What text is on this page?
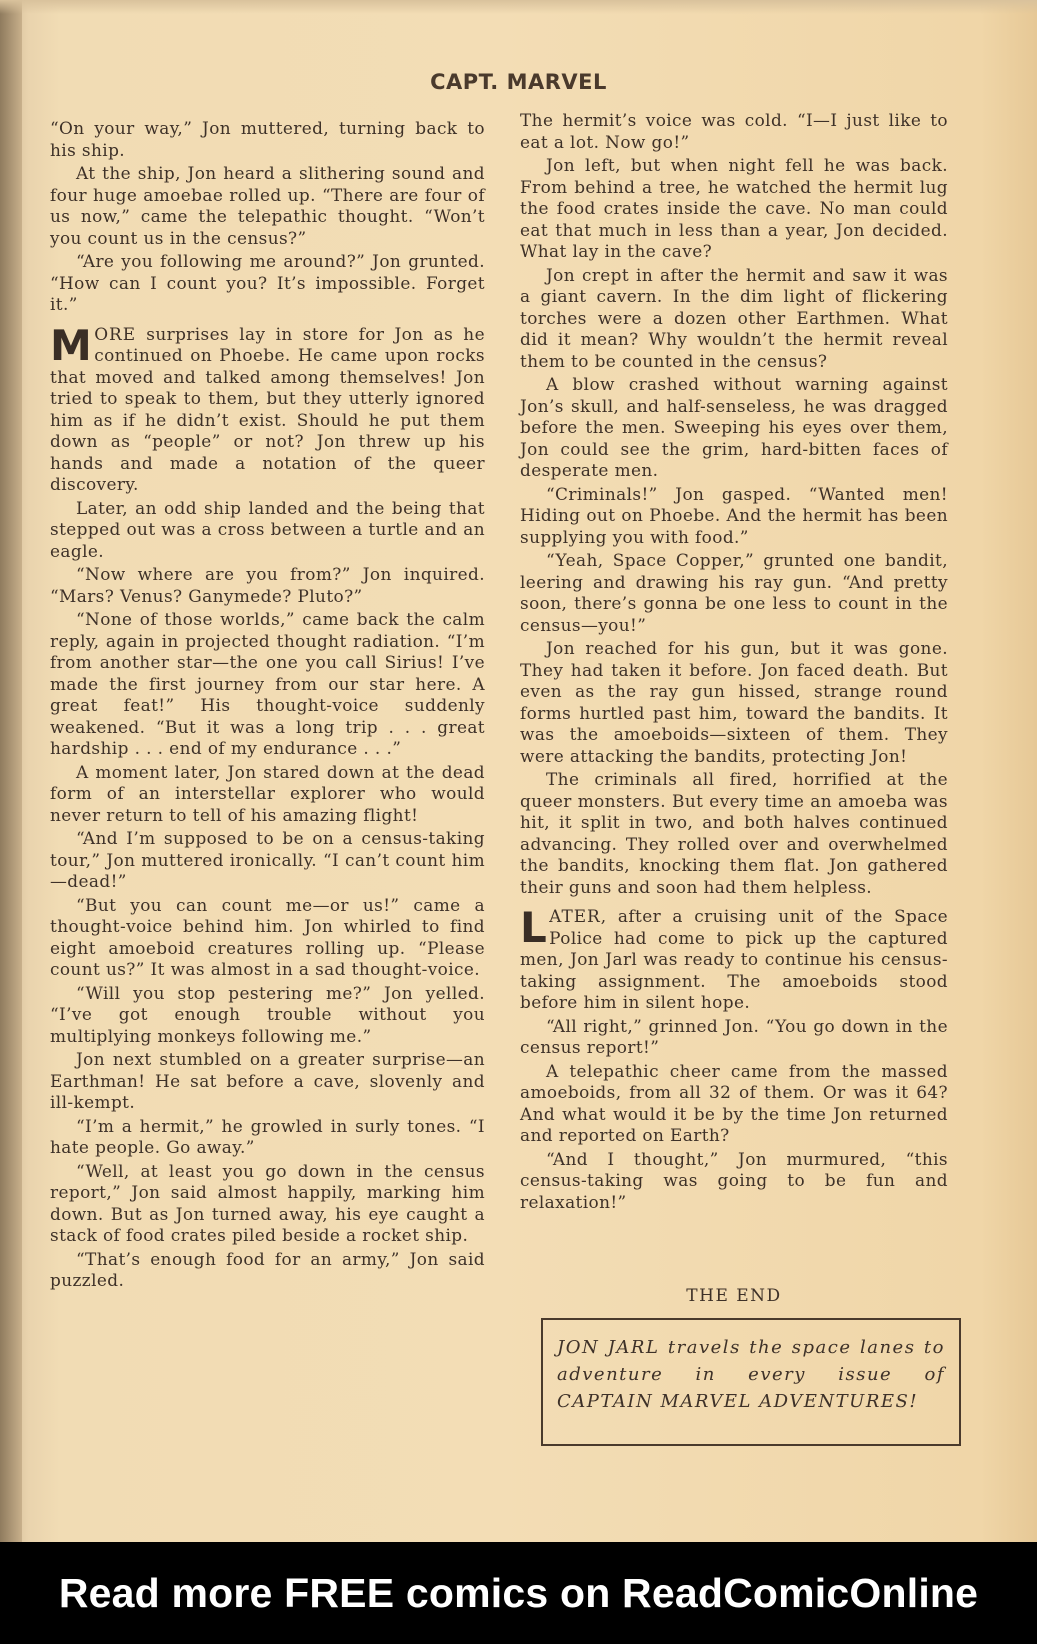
CAPT. MARVEL

“On your way,” Jon muttered, turning back to his ship.

At the ship, Jon heard a slithering sound and four huge amoebae rolled up. “There are four of us now,” came the telepathic thought. “Won’t you count us in the census?”

“Are you following me around?” Jon grunted. “How can I count you? It’s impossible. Forget it.”

MORE surprises lay in store for Jon as he continued on Phoebe. He came upon rocks that moved and talked among themselves! Jon tried to speak to them, but they utterly ignored him as if he didn’t exist. Should he put them down as “people” or not? Jon threw up his hands and made a notation of the queer discovery.

Later, an odd ship landed and the being that stepped out was a cross between a turtle and an eagle.

“Now where are you from?” Jon inquired. “Mars? Venus? Ganymede? Pluto?”

“None of those worlds,” came back the calm reply, again in projected thought radiation. “I’m from another star—the one you call Sirius! I’ve made the first journey from our star here. A great feat!” His thought-voice suddenly weakened. “But it was a long trip . . . great hardship . . . end of my endurance . . .”

A moment later, Jon stared down at the dead form of an interstellar explorer who would never return to tell of his amazing flight!

“And I’m supposed to be on a census-taking tour,” Jon muttered ironically. “I can’t count him—dead!”

“But you can count me—or us!” came a thought-voice behind him. Jon whirled to find eight amoeboid creatures rolling up. “Please count us?” It was almost in a sad thought-voice.

“Will you stop pestering me?” Jon yelled. “I’ve got enough trouble without you multiplying monkeys following me.”

Jon next stumbled on a greater surprise—an Earthman! He sat before a cave, slovenly and ill-kempt.

“I’m a hermit,” he growled in surly tones. “I hate people. Go away.”

“Well, at least you go down in the census report,” Jon said almost happily, marking him down. But as Jon turned away, his eye caught a stack of food crates piled beside a rocket ship.

“That’s enough food for an army,” Jon said puzzled.

The hermit’s voice was cold. “I—I just like to eat a lot. Now go!”

Jon left, but when night fell he was back. From behind a tree, he watched the hermit lug the food crates inside the cave. No man could eat that much in less than a year, Jon decided. What lay in the cave?

Jon crept in after the hermit and saw it was a giant cavern. In the dim light of flickering torches were a dozen other Earthmen. What did it mean? Why wouldn’t the hermit reveal them to be counted in the census?

A blow crashed without warning against Jon’s skull, and half-senseless, he was dragged before the men. Sweeping his eyes over them, Jon could see the grim, hard-bitten faces of desperate men.

“Criminals!” Jon gasped. “Wanted men! Hiding out on Phoebe. And the hermit has been supplying you with food.”

“Yeah, Space Copper,” grunted one bandit, leering and drawing his ray gun. “And pretty soon, there’s gonna be one less to count in the census—you!”

Jon reached for his gun, but it was gone. They had taken it before. Jon faced death. But even as the ray gun hissed, strange round forms hurtled past him, toward the bandits. It was the amoeboids—sixteen of them. They were attacking the bandits, protecting Jon!

The criminals all fired, horrified at the queer monsters. But every time an amoeba was hit, it split in two, and both halves continued advancing. They rolled over and overwhelmed the bandits, knocking them flat. Jon gathered their guns and soon had them helpless.

LATER, after a cruising unit of the Space Police had come to pick up the captured men, Jon Jarl was ready to continue his census-taking assignment. The amoeboids stood before him in silent hope.

“All right,” grinned Jon. “You go down in the census report!”

A telepathic cheer came from the massed amoeboids, from all 32 of them. Or was it 64? And what would it be by the time Jon returned and reported on Earth?

“And I thought,” Jon murmured, “this census-taking was going to be fun and relaxation!”

THE END
JON JARL travels the space lanes to adventure in every issue of CAPTAIN MARVEL ADVENTURES!
Read more FREE comics on ReadComicOnline
